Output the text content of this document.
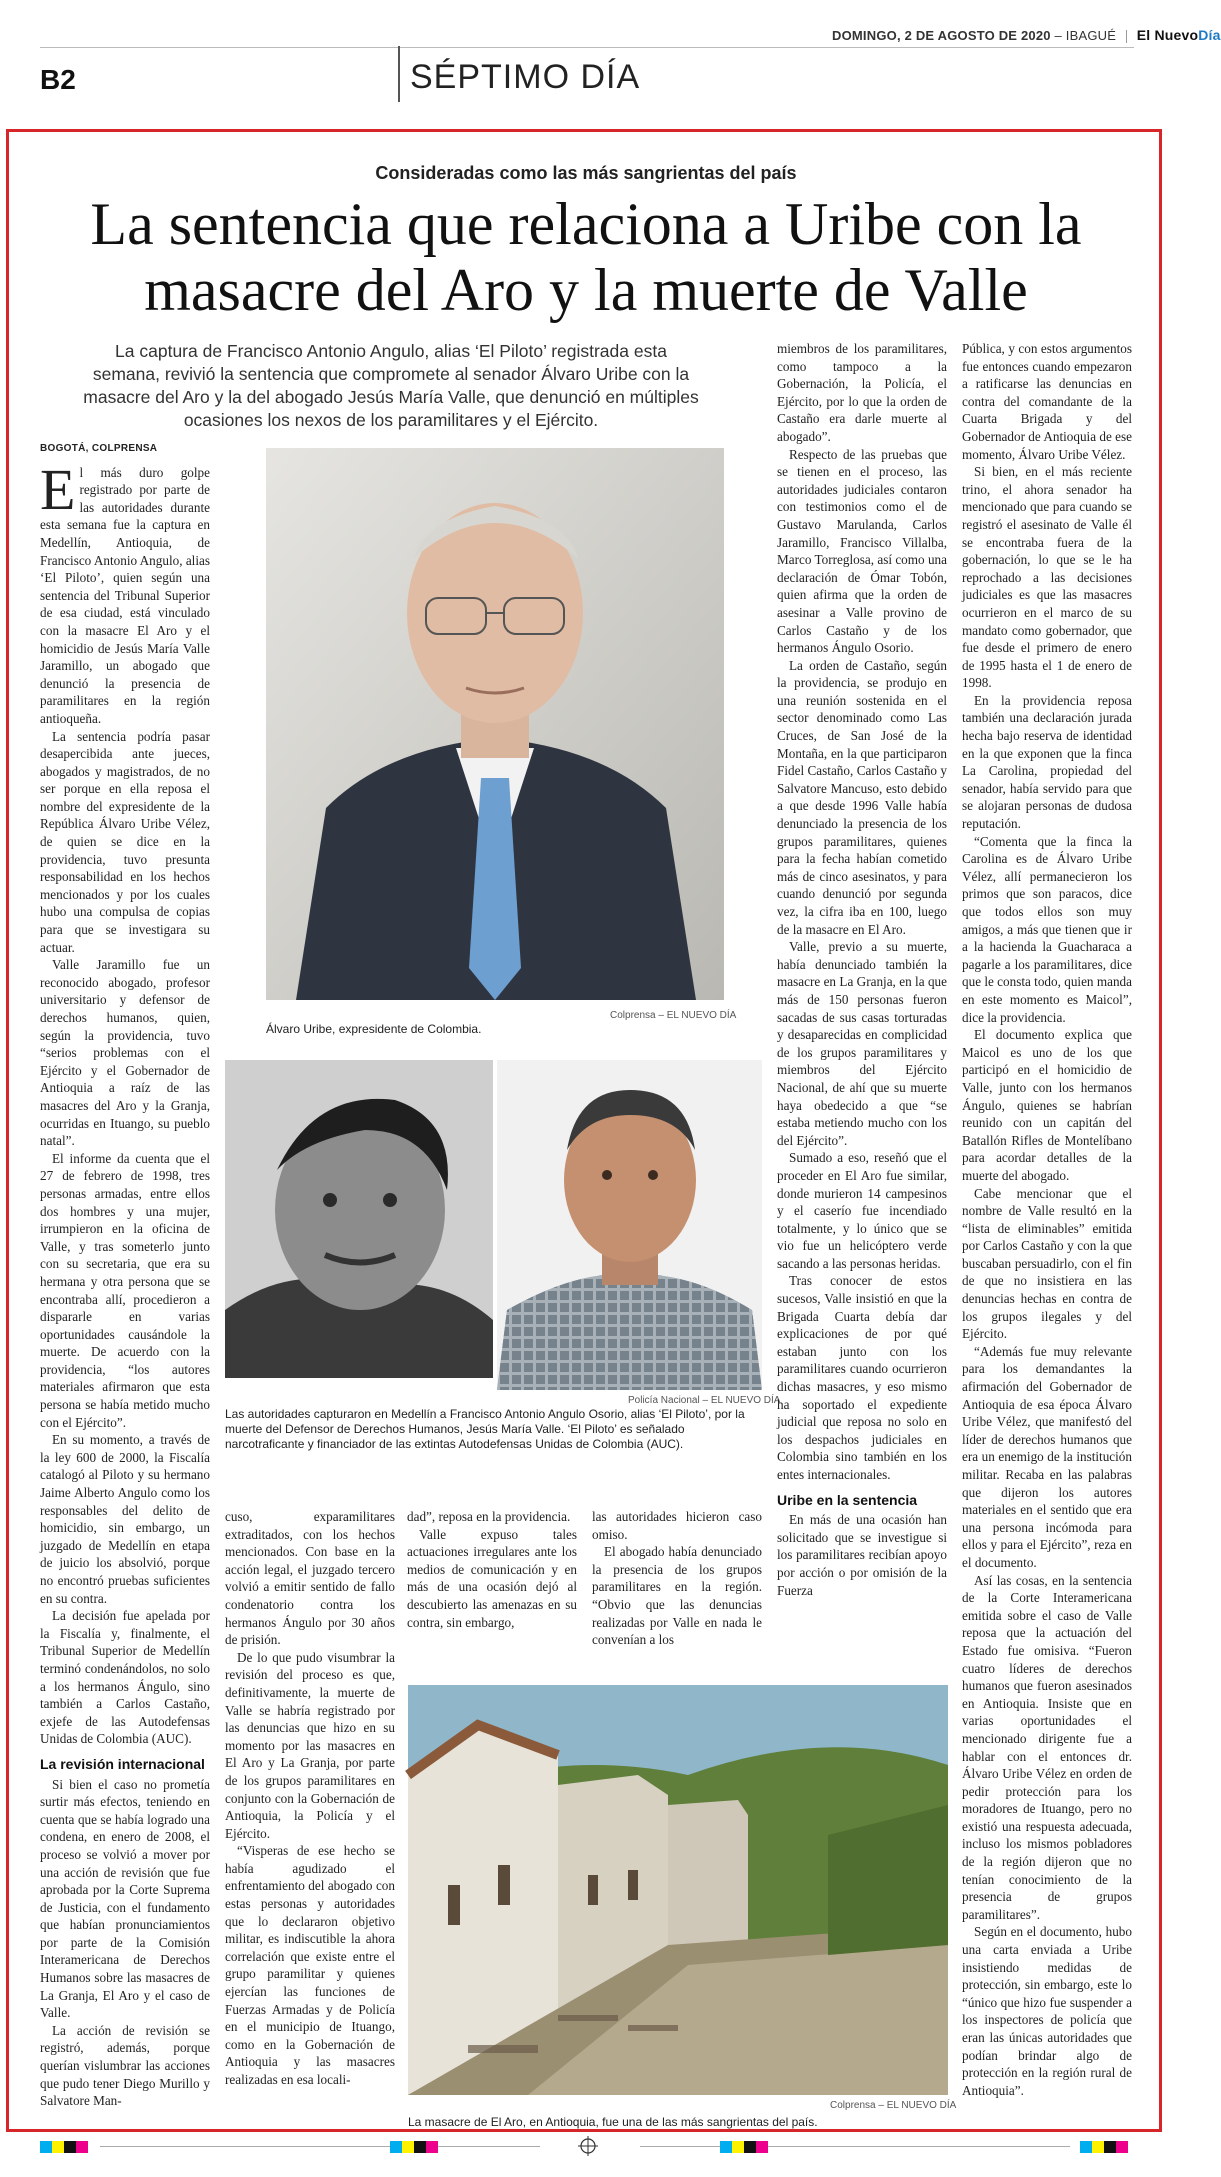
DOMINGO, 2 DE AGOSTO DE 2020 – IBAGUÉ El NuevoDía
B2	SÉPTIMO DÍA
Consideradas como las más sangrientas del país
La sentencia que relaciona a Uribe con la masacre del Aro y la muerte de Valle
La captura de Francisco Antonio Angulo, alias ‘El Piloto’ registrada esta semana, revivió la sentencia que compromete al senador Álvaro Uribe con la masacre del Aro y la del abogado Jesús María Valle, que denunció en múltiples ocasiones los nexos de los paramilitares y el Ejército.
BOGOTÁ, COLPRENSA

El más duro golpe registrado por parte de las autoridades durante esta semana fue la captura en Medellín, Antioquia, de Francisco Antonio Angulo, alias ‘El Piloto’, quien según una sentencia del Tribunal Superior de esa ciudad, está vinculado con la masacre El Aro y el homicidio de Jesús María Valle Jaramillo, un abogado que denunció la presencia de paramilitares en la región antioqueña.

La sentencia podría pasar desapercibida ante jueces, abogados y magistrados, de no ser porque en ella reposa el nombre del expresidente de la República Álvaro Uribe Vélez, de quien se dice en la providencia, tuvo presunta responsabilidad en los hechos mencionados y por los cuales hubo una compulsa de copias para que se investigara su actuar.

Valle Jaramillo fue un reconocido abogado, profesor universitario y defensor de derechos humanos, quien, según la providencia, tuvo “serios problemas con el Ejército y el Gobernador de Antioquia a raíz de las masacres del Aro y la Granja, ocurridas en Ituango, su pueblo natal”.

El informe da cuenta que el 27 de febrero de 1998, tres personas armadas, entre ellos dos hombres y una mujer, irrumpieron en la oficina de Valle, y tras someterlo junto con su secretaria, que era su hermana y otra persona que se encontraba allí, procedieron a dispararle en varias oportunidades causándole la muerte. De acuerdo con la providencia, “los autores materiales afirmaron que esta persona se había metido mucho con el Ejército”.

En su momento, a través de la ley 600 de 2000, la Fiscalía catalogó al Piloto y su hermano Jaime Alberto Angulo como los responsables del delito de homicidio, sin embargo, un juzgado de Medellín en etapa de juicio los absolvió, porque no encontró pruebas suficientes en su contra.

La decisión fue apelada por la Fiscalía y, finalmente, el Tribunal Superior de Medellín terminó condenándolos, no solo a los hermanos Ángulo, sino también a Carlos Castaño, exjefe de las Autodefensas Unidas de Colombia (AUC).

La revisión internacional

Si bien el caso no prometía surtir más efectos, teniendo en cuenta que se había logrado una condena, en enero de 2008, el proceso se volvió a mover por una acción de revisión que fue aprobada por la Corte Suprema de Justicia, con el fundamento que habían pronunciamientos por parte de la Comisión Interamericana de Derechos Humanos sobre las masacres de La Granja, El Aro y el caso de Valle.

La acción de revisión se registró, además, porque querían vislumbrar las acciones que pudo tener Diego Murillo y Salvatore Man-

Colprensa – EL NUEVO DÍA
Álvaro Uribe, expresidente de Colombia.
Policía Nacional – EL NUEVO DÍA
Las autoridades capturaron en Medellín a Francisco Antonio Angulo Osorio, alias ‘El Piloto’, por la muerte del Defensor de Derechos Humanos, Jesús María Valle. ‘El Piloto’ es señalado narcotraficante y financiador de las extintas Autodefensas Unidas de Colombia (AUC).

cuso, exparamilitares extraditados, con los hechos mencionados. Con base en la acción legal, el juzgado tercero volvió a emitir sentido de fallo condenatorio contra los hermanos Ángulo por 30 años de prisión.

De lo que pudo visumbrar la revisión del proceso es que, definitivamente, la muerte de Valle se habría registrado por las denuncias que hizo en su momento por las masacres en El Aro y La Granja, por parte de los grupos paramilitares en conjunto con la Gobernación de Antioquia, la Policía y el Ejército.

“Visperas de ese hecho se había agudizado el enfrentamiento del abogado con estas personas y autoridades que lo declararon objetivo militar, es indiscutible la ahora correlación que existe entre el grupo paramilitar y quienes ejercían las funciones de Fuerzas Armadas y de Policía en el municipio de Ituango, como en la Gobernación de Antioquia y las masacres realizadas en esa locali-

dad”, reposa en la providencia.

Valle expuso tales actuaciones irregulares ante los medios de comunicación y en más de una ocasión dejó al descubierto las amenazas en su contra, sin embargo,

las autoridades hicieron caso omiso.

El abogado había denunciado la presencia de los grupos paramilitares en la región. “Obvio que las denuncias realizadas por Valle en nada le convenían a los

Colprensa – EL NUEVO DÍA
La masacre de El Aro, en Antioquia, fue una de las más sangrientas del país.

miembros de los paramilitares, como tampoco a la Gobernación, la Policía, el Ejército, por lo que la orden de Castaño era darle muerte al abogado”.

Respecto de las pruebas que se tienen en el proceso, las autoridades judiciales contaron con testimonios como el de Gustavo Marulanda, Carlos Jaramillo, Francisco Villalba, Marco Torreglosa, así como una declaración de Ómar Tobón, quien afirma que la orden de asesinar a Valle provino de Carlos Castaño y de los hermanos Ángulo Osorio.

La orden de Castaño, según la providencia, se produjo en una reunión sostenida en el sector denominado como Las Cruces, de San José de la Montaña, en la que participaron Fidel Castaño, Carlos Castaño y Salvatore Mancuso, esto debido a que desde 1996 Valle había denunciado la presencia de los grupos paramilitares, quienes para la fecha habían cometido más de cinco asesinatos, y para cuando denunció por segunda vez, la cifra iba en 100, luego de la masacre en El Aro.

Valle, previo a su muerte, había denunciado también la masacre en La Granja, en la que más de 150 personas fueron sacadas de sus casas torturadas y desaparecidas en complicidad de los grupos paramilitares y miembros del Ejército Nacional, de ahí que su muerte haya obedecido a que “se estaba metiendo mucho con los del Ejército”.

Sumado a eso, reseñó que el proceder en El Aro fue similar, donde murieron 14 campesinos y el caserío fue incendiado totalmente, y lo único que se vio fue un helicóptero verde sacando a las personas heridas.

Tras conocer de estos sucesos, Valle insistió en que la Brigada Cuarta debía dar explicaciones de por qué estaban junto con los paramilitares cuando ocurrieron dichas masacres, y eso mismo ha soportado el expediente judicial que reposa no solo en los despachos judiciales en Colombia sino también en los entes internacionales.

Uribe en la sentencia

En más de una ocasión han solicitado que se investigue si los paramilitares recibían apoyo por acción o por omisión de la Fuerza

Pública, y con estos argumentos fue entonces cuando empezaron a ratificarse las denuncias en contra del comandante de la Cuarta Brigada y del Gobernador de Antioquia de ese momento, Álvaro Uribe Vélez.

Si bien, en el más reciente trino, el ahora senador ha mencionado que para cuando se registró el asesinato de Valle él se encontraba fuera de la gobernación, lo que se le ha reprochado a las decisiones judiciales es que las masacres ocurrieron en el marco de su mandato como gobernador, que fue desde el primero de enero de 1995 hasta el 1 de enero de 1998.

En la providencia reposa también una declaración jurada hecha bajo reserva de identidad en la que exponen que la finca La Carolina, propiedad del senador, había servido para que se alojaran personas de dudosa reputación.

“Comenta que la finca la Carolina es de Álvaro Uribe Vélez, allí permanecieron los primos que son paracos, dice que todos ellos son muy amigos, a más que tienen que ir a la hacienda la Guacharaca a pagarle a los paramilitares, dice que le consta todo, quien manda en este momento es Maicol”, dice la providencia.

El documento explica que Maicol es uno de los que participó en el homicidio de Valle, junto con los hermanos Ángulo, quienes se habrían reunido con un capitán del Batallón Rifles de Montelíbano para acordar detalles de la muerte del abogado.

Cabe mencionar que el nombre de Valle resultó en la “lista de eliminables” emitida por Carlos Castaño y con la que buscaban persuadirlo, con el fin de que no insistiera en las denuncias hechas en contra de los grupos ilegales y del Ejército.

“Además fue muy relevante para los demandantes la afirmación del Gobernador de Antioquia de esa época Álvaro Uribe Vélez, que manifestó del líder de derechos humanos que era un enemigo de la institución militar. Recaba en las palabras que dijeron los autores materiales en el sentido que era una persona incómoda para ellos y para el Ejército”, reza en el documento.

Así las cosas, en la sentencia de la Corte Interamericana emitida sobre el caso de Valle reposa que la actuación del Estado fue omisiva. “Fueron cuatro líderes de derechos humanos que fueron asesinados en Antioquia. Insiste que en varias oportunidades el mencionado dirigente fue a hablar con el entonces dr. Álvaro Uribe Vélez en orden de pedir protección para los moradores de Ituango, pero no existió una respuesta adecuada, incluso los mismos pobladores de la región dijeron que no tenían conocimiento de la presencia de grupos paramilitares”.

Según en el documento, hubo una carta enviada a Uribe insistiendo medidas de protección, sin embargo, este lo “único que hizo fue suspender a los inspectores de policía que eran las únicas autoridades que podían brindar algo de protección en la región rural de Antioquia”.
